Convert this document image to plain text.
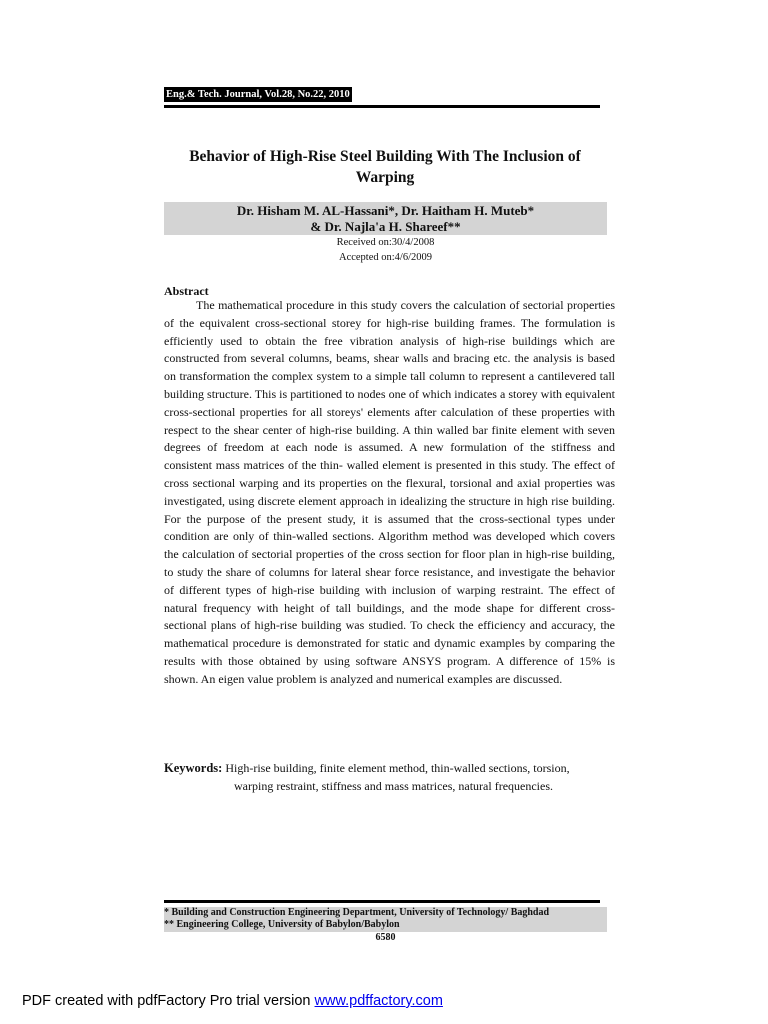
Eng.& Tech. Journal, Vol.28, No.22, 2010
Behavior of High-Rise Steel Building With The Inclusion of
Warping
Dr. Hisham M. AL-Hassani*, Dr. Haitham H. Muteb*
& Dr. Najla'a H. Shareef**
Received on:30/4/2008
Accepted on:4/6/2009
Abstract

The mathematical procedure in this study covers the calculation of sectorial properties of the equivalent cross-sectional storey for high-rise building frames. The formulation is efficiently used to obtain the free vibration analysis of high-rise buildings which are constructed from several columns, beams, shear walls and bracing etc. the analysis is based on transformation the complex system to a simple tall column to represent a cantilevered tall building structure. This is partitioned to nodes one of which indicates a storey with equivalent cross-sectional properties for all storeys' elements after calculation of these properties with respect to the shear center of high-rise building. A thin walled bar finite element with seven degrees of freedom at each node is assumed. A new formulation of the stiffness and consistent mass matrices of the thin- walled element is presented in this study. The effect of cross sectional warping and its properties on the flexural, torsional and axial properties was investigated, using discrete element approach in idealizing the structure in high rise building. For the purpose of the present study, it is assumed that the cross-sectional types under condition are only of thin-walled sections. Algorithm method was developed which covers the calculation of sectorial properties of the cross section for floor plan in high-rise building, to study the share of columns for lateral shear force resistance, and investigate the behavior of different types of high-rise building with inclusion of warping restraint. The effect of natural frequency with height of tall buildings, and the mode shape for different cross-sectional plans of high-rise building was studied. To check the efficiency and accuracy, the mathematical procedure is demonstrated for static and dynamic examples by comparing the results with those obtained by using software ANSYS program. A difference of 15% is shown. An eigen value problem is analyzed and numerical examples are discussed.

Keywords: High-rise building, finite element method, thin-walled sections, torsion,
warping restraint, stiffness and mass matrices, natural frequencies.

* Building and Construction Engineering Department, University of Technology/ Baghdad
** Engineering College, University of Babylon/Babylon
6580
PDF created with pdfFactory Pro trial version www.pdffactory.com
